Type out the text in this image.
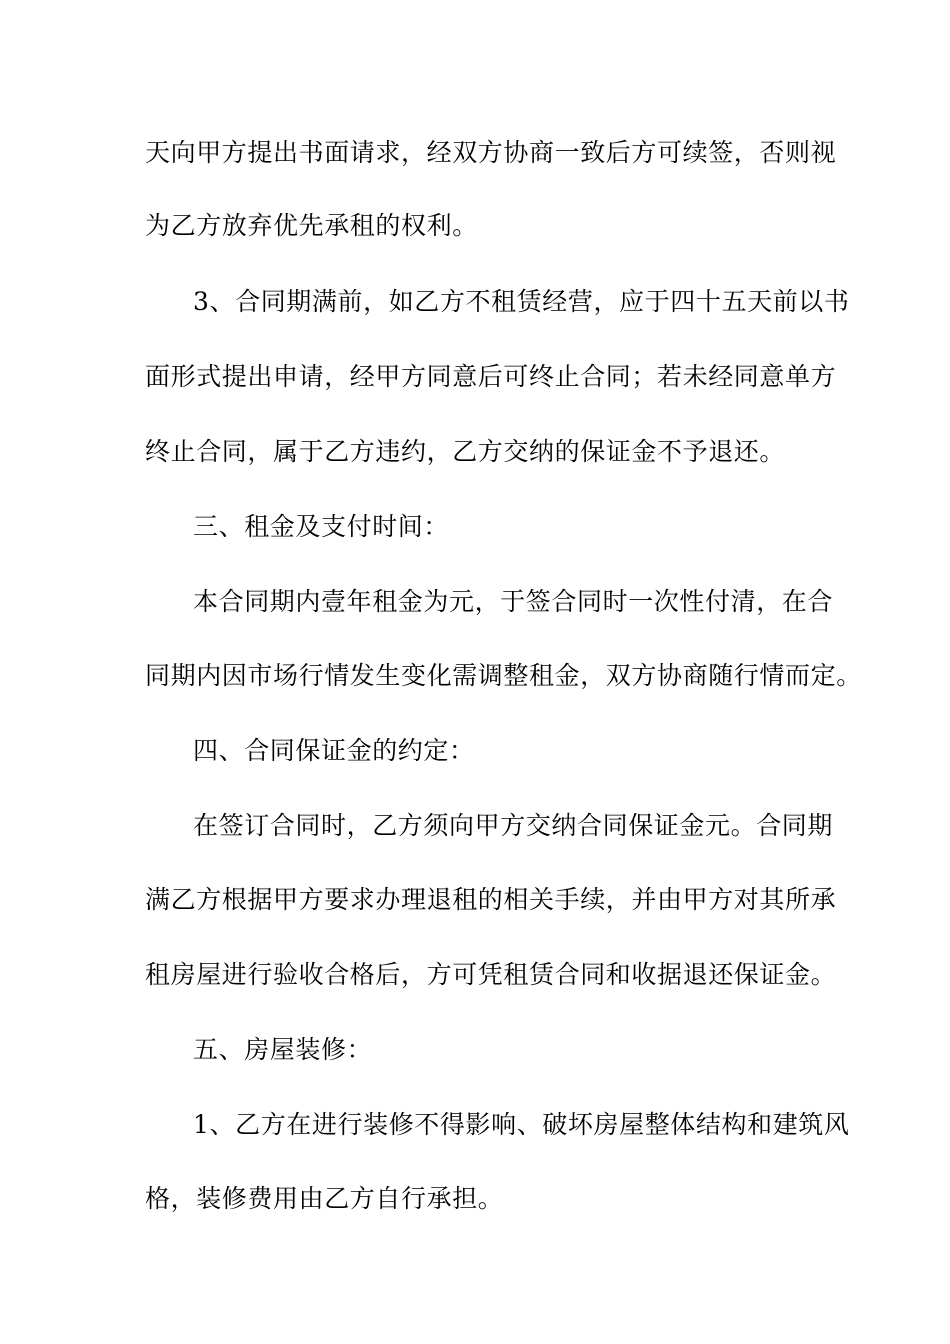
天向甲方提出书面请求，经双方协商一致后方可续签，否则视
为乙方放弃优先承租的权利。
3、合同期满前，如乙方不租赁经营，应于四十五天前以书
面形式提出申请，经甲方同意后可终止合同；若未经同意单方
终止合同，属于乙方违约，乙方交纳的保证金不予退还。
三、租金及支付时间：
本合同期内壹年租金为元，于签合同时一次性付清，在合
同期内因市场行情发生变化需调整租金，双方协商随行情而定。
四、合同保证金的约定：
在签订合同时，乙方须向甲方交纳合同保证金元。合同期
满乙方根据甲方要求办理退租的相关手续，并由甲方对其所承
租房屋进行验收合格后，方可凭租赁合同和收据退还保证金。
五、房屋装修：
1、乙方在进行装修不得影响、破坏房屋整体结构和建筑风
格，装修费用由乙方自行承担。
